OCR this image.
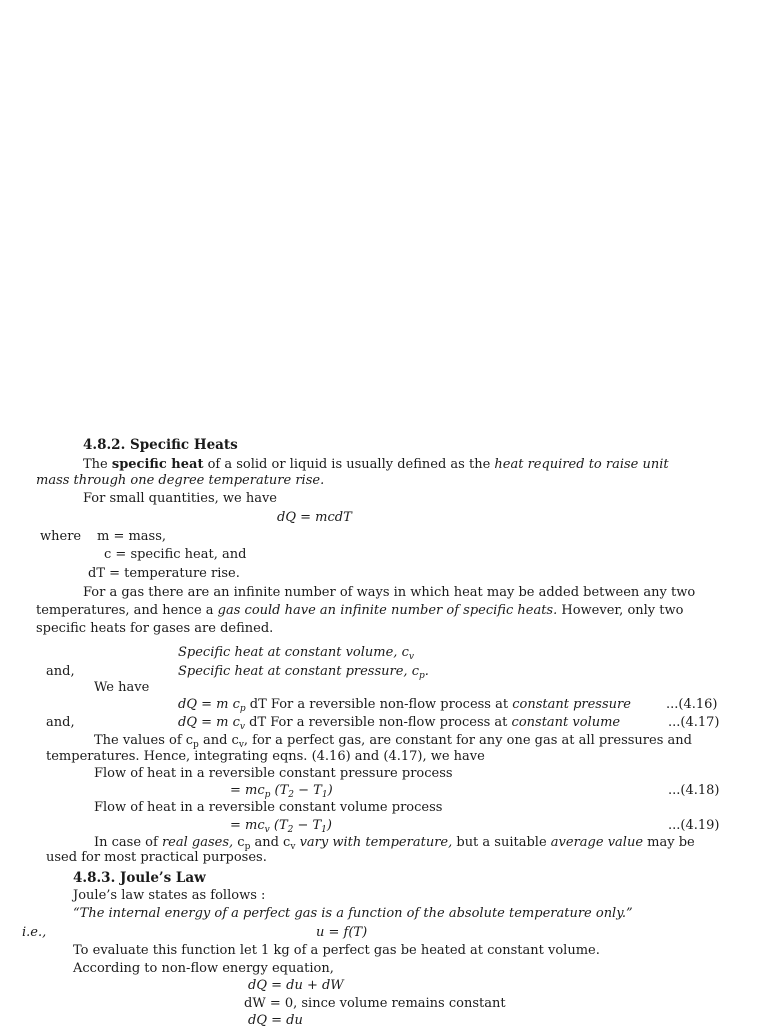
4.8.2. Specific Heats
The specific heat of a solid or liquid is usually defined as the heat required to raise unit
mass through one degree temperature rise.
For small quantities, we have
dQ = mcdT
where m = mass,
c = specific heat, and
dT = temperature rise.
For a gas there are an infinite number of ways in which heat may be added between any two
temperatures, and hence a gas could have an infinite number of specific heats. However, only two
specific heats for gases are defined.
Specific heat at constant volume, $c_v$
and,	Specific heat at constant pressure, $c_p$.
We have
dQ = m $c_p$ dT For a reversible non-flow process at constant pressure	...(4.16)
and,	dQ = m $c_v$ dT For a reversible non-flow process at constant volume	...(4.17)
The values of $c_p$ and $c_v$, for a perfect gas, are constant for any one gas at all pressures and
temperatures. Hence, integrating eqns. (4.16) and (4.17), we have
Flow of heat in a reversible constant pressure process
= $mc_p$ $(T_2 - T_1)$	...(4.18)
Flow of heat in a reversible constant volume process
= $mc_v$ $(T_2 - T_1)$	...(4.19)
In case of real gases, $c_p$ and $c_v$ vary with temperature, but a suitable average value may be
used for most practical purposes.
4.8.3. Joule’s Law
Joule’s law states as follows :
“The internal energy of a perfect gas is a function of the absolute temperature only.”
i.e.,	u = f(T)
To evaluate this function let 1 kg of a perfect gas be heated at constant volume.
According to non-flow energy equation,
dQ = du + dW
dW = 0, since volume remains constant
dQ = du
